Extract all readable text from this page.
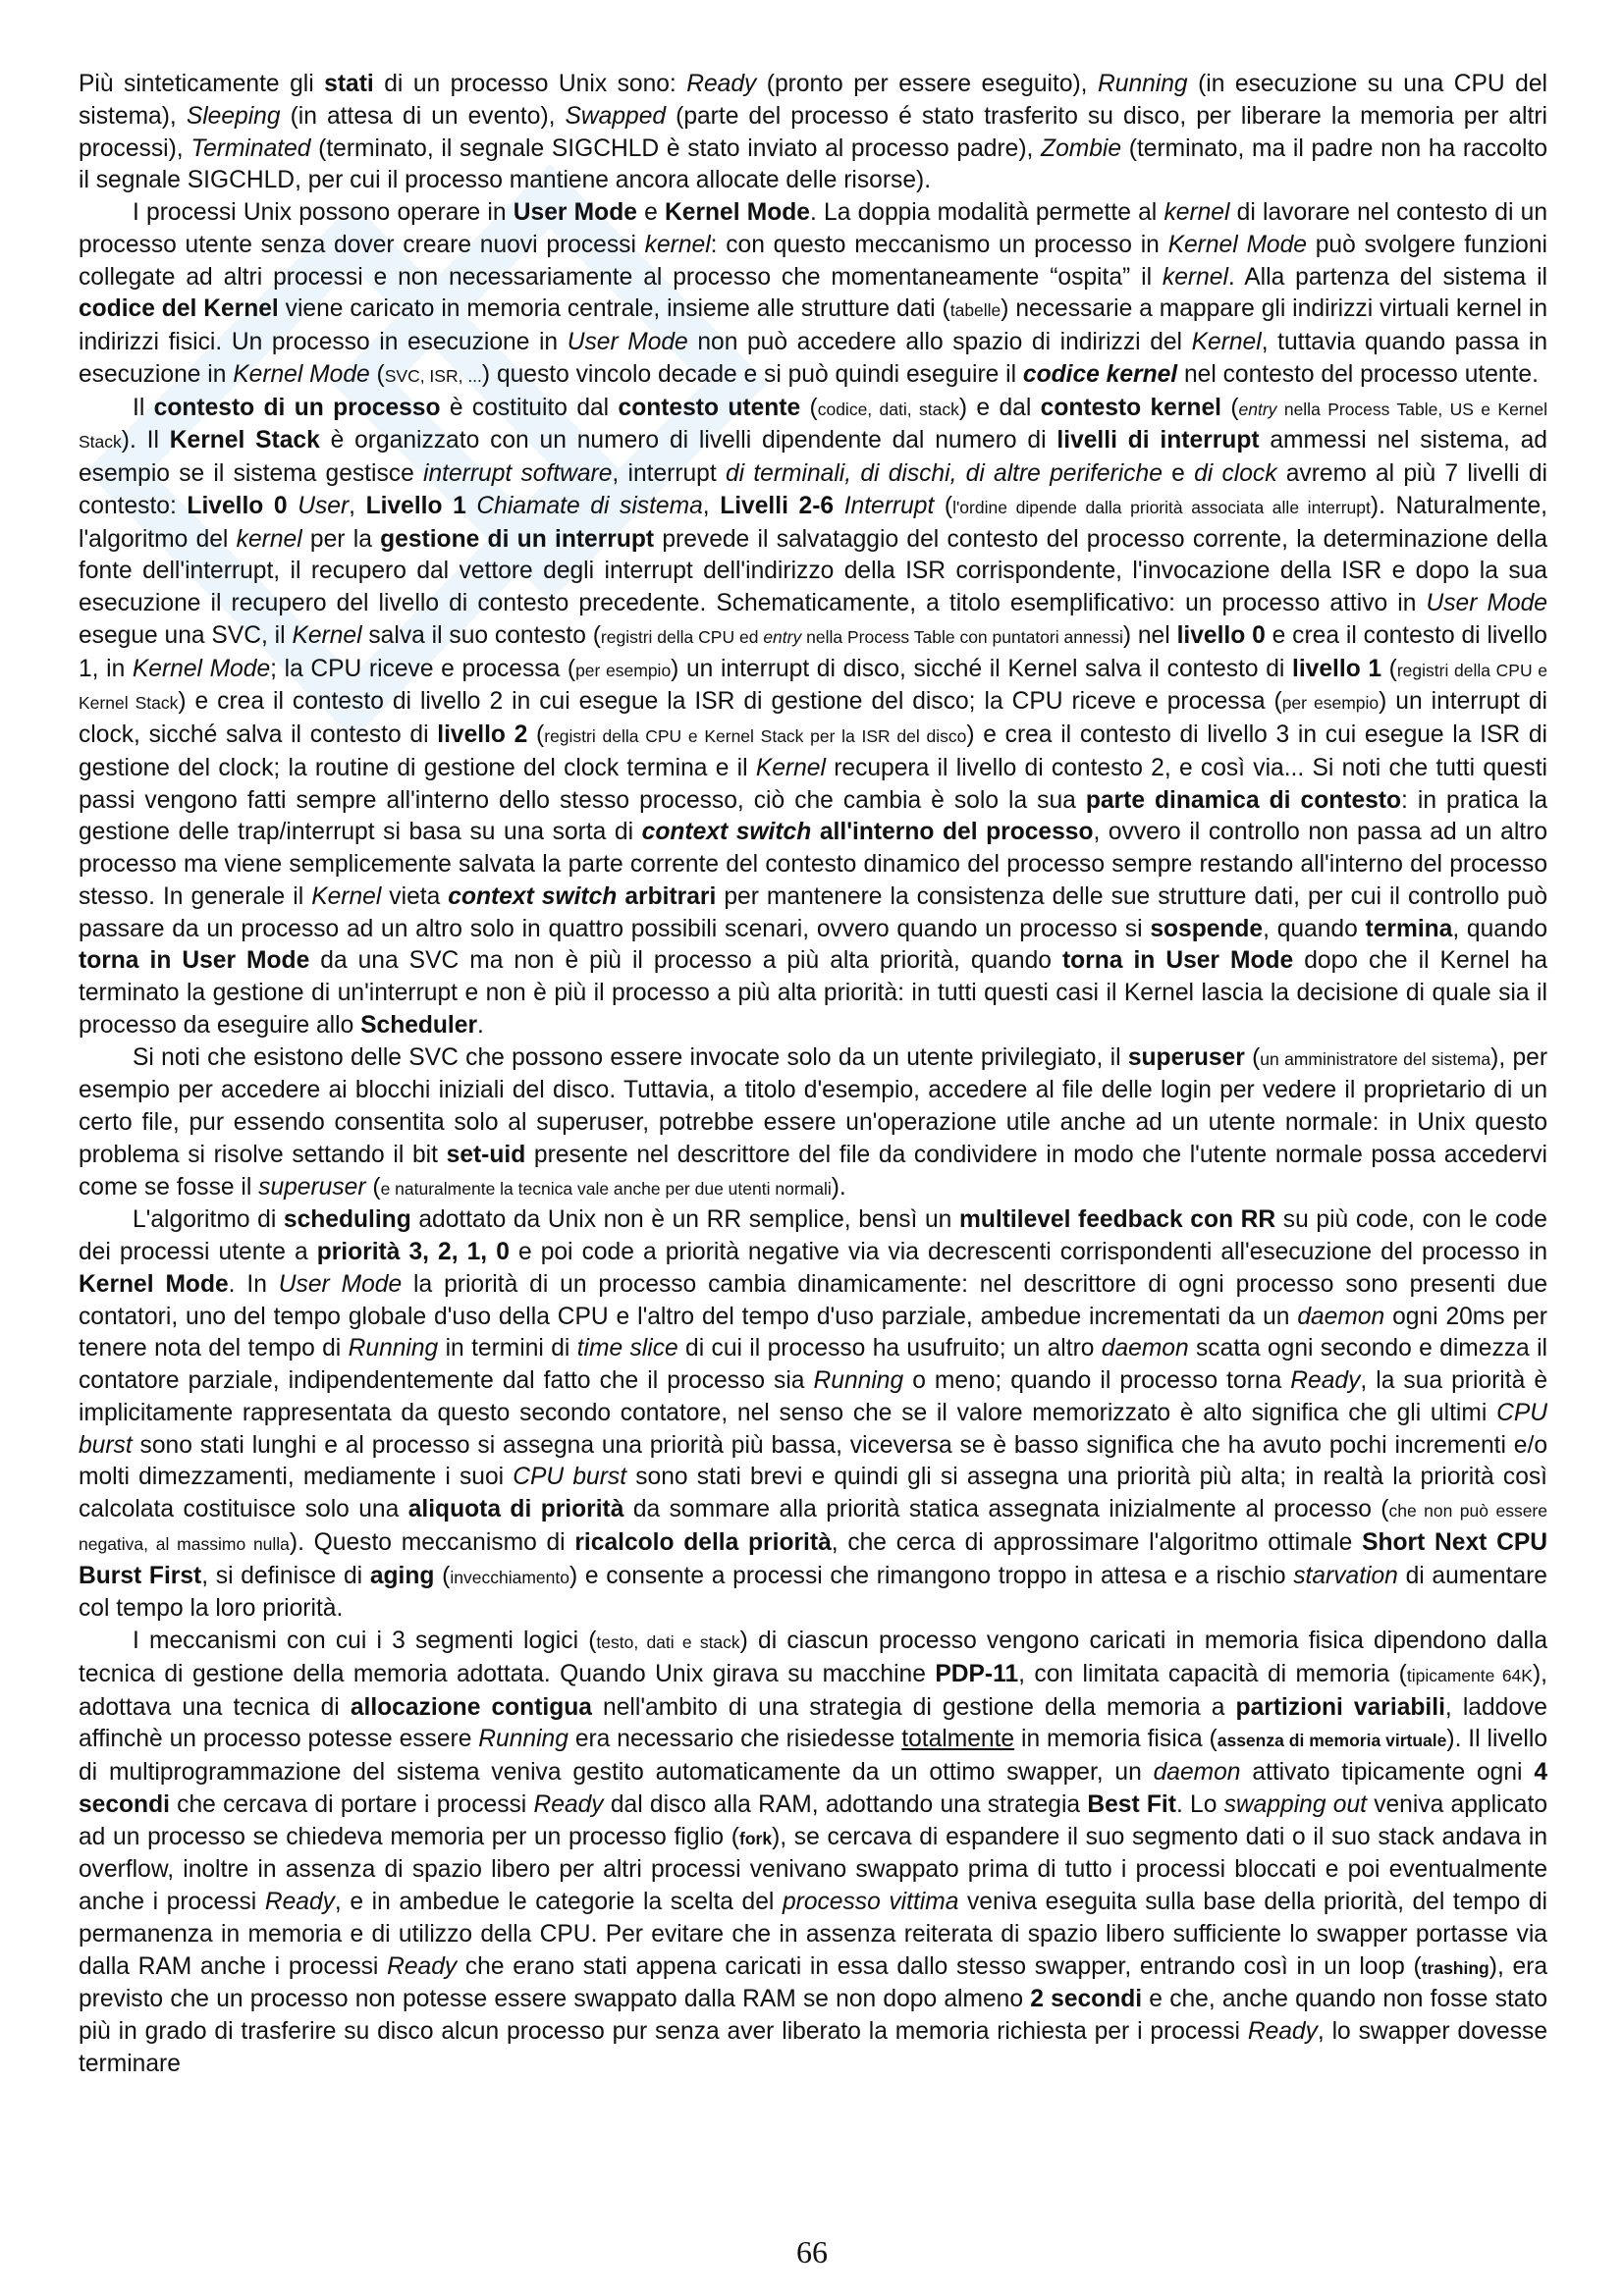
Più sinteticamente gli stati di un processo Unix sono: Ready (pronto per essere eseguito), Running (in esecuzione su una CPU del sistema), Sleeping (in attesa di un evento), Swapped (parte del processo é stato trasferito su disco, per liberare la memoria per altri processi), Terminated (terminato, il segnale SIGCHLD è stato inviato al processo padre), Zombie (terminato, ma il padre non ha raccolto il segnale SIGCHLD, per cui il processo mantiene ancora allocate delle risorse).

I processi Unix possono operare in User Mode e Kernel Mode. La doppia modalità permette al kernel di lavorare nel contesto di un processo utente senza dover creare nuovi processi kernel: con questo meccanismo un processo in Kernel Mode può svolgere funzioni collegate ad altri processi e non necessariamente al processo che momentaneamente “ospita” il kernel. Alla partenza del sistema il codice del Kernel viene caricato in memoria centrale, insieme alle strutture dati (tabelle) necessarie a mappare gli indirizzi virtuali kernel in indirizzi fisici. Un processo in esecuzione in User Mode non può accedere allo spazio di indirizzi del Kernel, tuttavia quando passa in esecuzione in Kernel Mode (SVC, ISR, ...) questo vincolo decade e si può quindi eseguire il codice kernel nel contesto del processo utente.

Il contesto di un processo è costituito dal contesto utente (codice, dati, stack) e dal contesto kernel (entry nella Process Table, US e Kernel Stack). Il Kernel Stack è organizzato con un numero di livelli dipendente dal numero di livelli di interrupt ammessi nel sistema, ad esempio se il sistema gestisce interrupt software, interrupt di terminali, di dischi, di altre periferiche e di clock avremo al più 7 livelli di contesto: Livello 0 User, Livello 1 Chiamate di sistema, Livelli 2-6 Interrupt (l'ordine dipende dalla priorità associata alle interrupt). Naturalmente, l'algoritmo del kernel per la gestione di un interrupt prevede il salvataggio del contesto del processo corrente, la determinazione della fonte dell'interrupt, il recupero dal vettore degli interrupt dell'indirizzo della ISR corrispondente, l'invocazione della ISR e dopo la sua esecuzione il recupero del livello di contesto precedente. Schematicamente, a titolo esemplificativo: un processo attivo in User Mode esegue una SVC, il Kernel salva il suo contesto (registri della CPU ed entry nella Process Table con puntatori annessi) nel livello 0 e crea il contesto di livello 1, in Kernel Mode; la CPU riceve e processa (per esempio) un interrupt di disco, sicché il Kernel salva il contesto di livello 1 (registri della CPU e Kernel Stack) e crea il contesto di livello 2 in cui esegue la ISR di gestione del disco; la CPU riceve e processa (per esempio) un interrupt di clock, sicché salva il contesto di livello 2 (registri della CPU e Kernel Stack per la ISR del disco) e crea il contesto di livello 3 in cui esegue la ISR di gestione del clock; la routine di gestione del clock termina e il Kernel recupera il livello di contesto 2, e così via... Si noti che tutti questi passi vengono fatti sempre all'interno dello stesso processo, ciò che cambia è solo la sua parte dinamica di contesto: in pratica la gestione delle trap/interrupt si basa su una sorta di context switch all'interno del processo, ovvero il controllo non passa ad un altro processo ma viene semplicemente salvata la parte corrente del contesto dinamico del processo sempre restando all'interno del processo stesso. In generale il Kernel vieta context switch arbitrari per mantenere la consistenza delle sue strutture dati, per cui il controllo può passare da un processo ad un altro solo in quattro possibili scenari, ovvero quando un processo si sospende, quando termina, quando torna in User Mode da una SVC ma non è più il processo a più alta priorità, quando torna in User Mode dopo che il Kernel ha terminato la gestione di un'interrupt e non è più il processo a più alta priorità: in tutti questi casi il Kernel lascia la decisione di quale sia il processo da eseguire allo Scheduler.

Si noti che esistono delle SVC che possono essere invocate solo da un utente privilegiato, il superuser (un amministratore del sistema), per esempio per accedere ai blocchi iniziali del disco. Tuttavia, a titolo d'esempio, accedere al file delle login per vedere il proprietario di un certo file, pur essendo consentita solo al superuser, potrebbe essere un'operazione utile anche ad un utente normale: in Unix questo problema si risolve settando il bit set-uid presente nel descrittore del file da condividere in modo che l'utente normale possa accedervi come se fosse il superuser (e naturalmente la tecnica vale anche per due utenti normali).

L'algoritmo di scheduling adottato da Unix non è un RR semplice, bensì un multilevel feedback con RR su più code, con le code dei processi utente a priorità 3, 2, 1, 0 e poi code a priorità negative via via decrescenti corrispondenti all'esecuzione del processo in Kernel Mode. In User Mode la priorità di un processo cambia dinamicamente: nel descrittore di ogni processo sono presenti due contatori, uno del tempo globale d'uso della CPU e l'altro del tempo d'uso parziale, ambedue incrementati da un daemon ogni 20ms per tenere nota del tempo di Running in termini di time slice di cui il processo ha usufruito; un altro daemon scatta ogni secondo e dimezza il contatore parziale, indipendentemente dal fatto che il processo sia Running o meno; quando il processo torna Ready, la sua priorità è implicitamente rappresentata da questo secondo contatore, nel senso che se il valore memorizzato è alto significa che gli ultimi CPU burst sono stati lunghi e al processo si assegna una priorità più bassa, viceversa se è basso significa che ha avuto pochi incrementi e/o molti dimezzamenti, mediamente i suoi CPU burst sono stati brevi e quindi gli si assegna una priorità più alta; in realtà la priorità così calcolata costituisce solo una aliquota di priorità da sommare alla priorità statica assegnata inizialmente al processo (che non può essere negativa, al massimo nulla). Questo meccanismo di ricalcolo della priorità, che cerca di approssimare l'algoritmo ottimale Short Next CPU Burst First, si definisce di aging (invecchiamento) e consente a processi che rimangono troppo in attesa e a rischio starvation di aumentare col tempo la loro priorità.

I meccanismi con cui i 3 segmenti logici (testo, dati e stack) di ciascun processo vengono caricati in memoria fisica dipendono dalla tecnica di gestione della memoria adottata. Quando Unix girava su macchine PDP-11, con limitata capacità di memoria (tipicamente 64K), adottava una tecnica di allocazione contigua nell'ambito di una strategia di gestione della memoria a partizioni variabili, laddove affinchè un processo potesse essere Running era necessario che risiedesse totalmente in memoria fisica (assenza di memoria virtuale). Il livello di multiprogrammazione del sistema veniva gestito automaticamente da un ottimo swapper, un daemon attivato tipicamente ogni 4 secondi che cercava di portare i processi Ready dal disco alla RAM, adottando una strategia Best Fit. Lo swapping out veniva applicato ad un processo se chiedeva memoria per un processo figlio (fork), se cercava di espandere il suo segmento dati o il suo stack andava in overflow, inoltre in assenza di spazio libero per altri processi venivano swappato prima di tutto i processi bloccati e poi eventualmente anche i processi Ready, e in ambedue le categorie la scelta del processo vittima veniva eseguita sulla base della priorità, del tempo di permanenza in memoria e di utilizzo della CPU. Per evitare che in assenza reiterata di spazio libero sufficiente lo swapper portasse via dalla RAM anche i processi Ready che erano stati appena caricati in essa dallo stesso swapper, entrando così in un loop (trashing), era previsto che un processo non potesse essere swappato dalla RAM se non dopo almeno 2 secondi e che, anche quando non fosse stato più in grado di trasferire su disco alcun processo pur senza aver liberato la memoria richiesta per i processi Ready, lo swapper dovesse terminare

66
